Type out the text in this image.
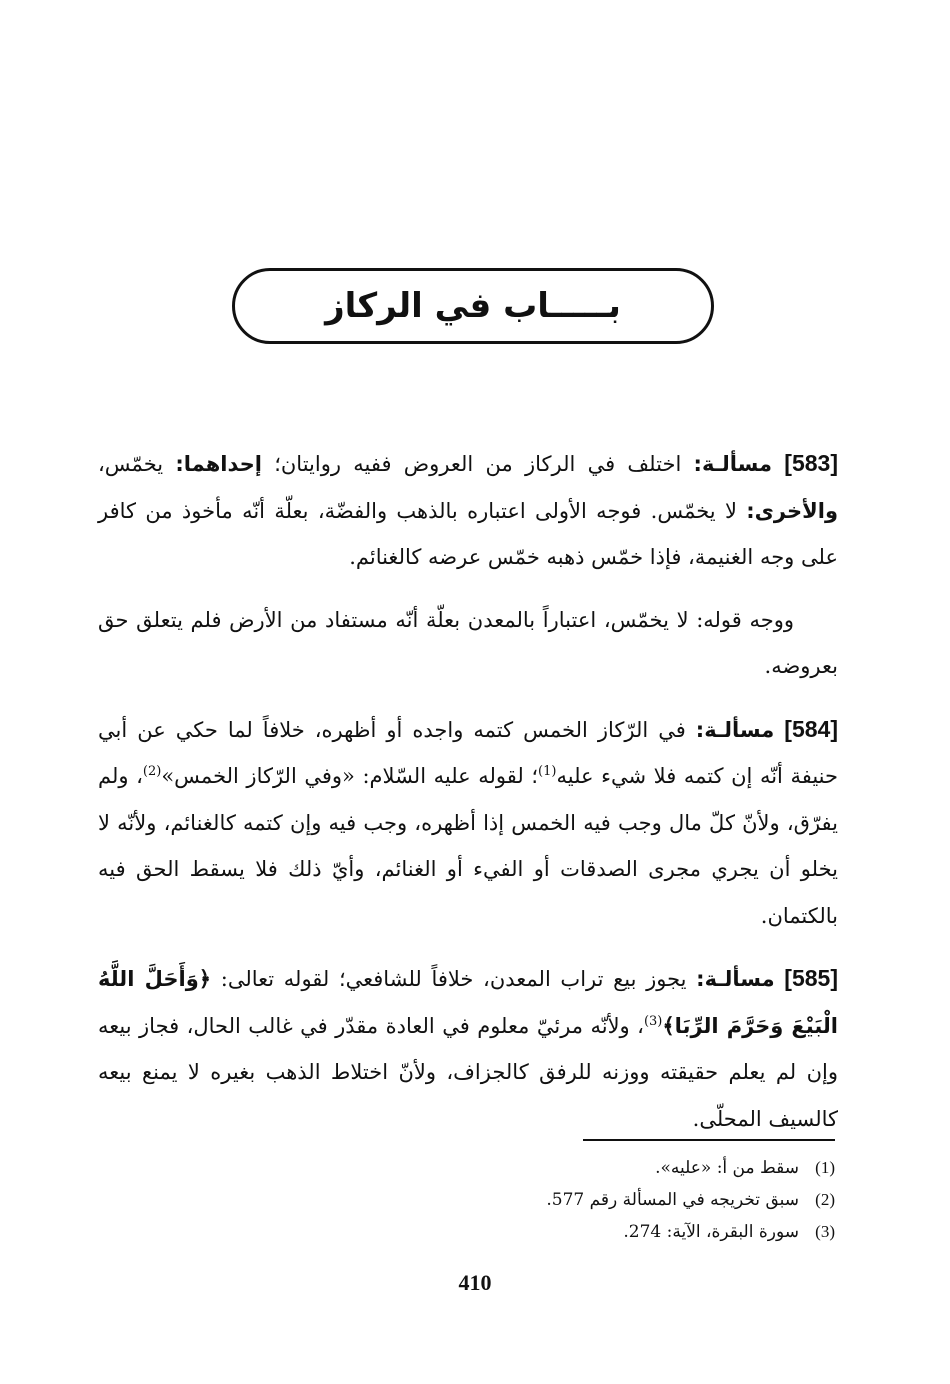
بـــــاب في الركاز

[583] مسألـة: اختلف في الركاز من العروض ففيه روايتان؛ إحداهما: يخمّس، والأخرى: لا يخمّس. فوجه الأولى اعتباره بالذهب والفضّة، بعلّة أنّه مأخوذ من كافر على وجه الغنيمة، فإذا خمّس ذهبه خمّس عرضه كالغنائم.

ووجه قوله: لا يخمّس، اعتباراً بالمعدن بعلّة أنّه مستفاد من الأرض فلم يتعلق حق بعروضه.

[584] مسألـة: في الرّكاز الخمس كتمه واجده أو أظهره، خلافاً لما حكي عن أبي حنيفة أنّه إن كتمه فلا شيء عليه$^{(1)}$؛ لقوله عليه السّلام: «وفي الرّكاز الخمس»$^{(2)}$، ولم يفرّق، ولأنّ كلّ مال وجب فيه الخمس إذا أظهره، وجب فيه وإن كتمه كالغنائم، ولأنّه لا يخلو أن يجري مجرى الصدقات أو الفيء أو الغنائم، وأيّ ذلك فلا يسقط الحق فيه بالكتمان.

[585] مسألـة: يجوز بيع تراب المعدن، خلافاً للشافعي؛ لقوله تعالى: ﴿وَأَحَلَّ اللَّهُ الْبَيْعَ وَحَرَّمَ الرِّبَا﴾$^{(3)}$، ولأنّه مرئيّ معلوم في العادة مقدّر في غالب الحال، فجاز بيعه وإن لم يعلم حقيقته ووزنه للرفق كالجزاف، ولأنّ اختلاط الذهب بغيره لا يمنع بيعه كالسيف المحلّى.

(1)
سقط من أ: «عليه».
(2)
سبق تخريجه في المسألة رقم 577.
(3)
سورة البقرة، الآية: 274.
410
